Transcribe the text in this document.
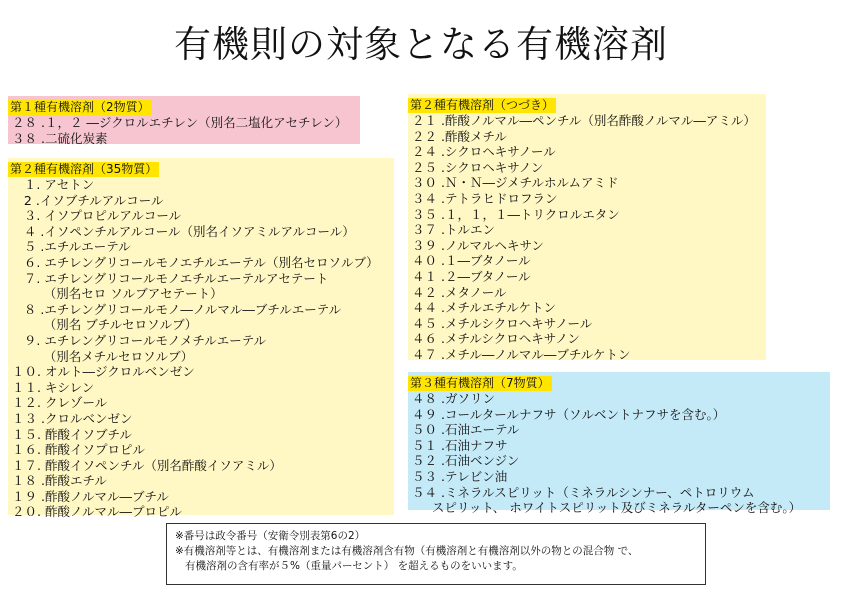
有機則の対象となる有機溶剤
第１種有機溶剤（2物質）
２８ .１，２ ―ジクロルエチレン（別名二塩化アセチレン）
３８ .二硫化炭素
第２種有機溶剤（35物質）
１. アセトン
2 .イソブチルアルコール
３. イソプロピルアルコール
４ .イソペンチルアルコール（別名イソアミルアルコール）
５ .エチルエーテル
６. エチレングリコールモノエチルエーテル（別名セロソルブ）
７. エチレングリコールモノエチルエーテルアセテート
（別名セロ ソルブアセテート）
８ .エチレングリコールモノ―ノルマル―ブチルエーテル
（別名 ブチルセロソルブ）
９. エチレングリコールモノメチルエーテル
（別名メチルセロソルブ）
１０. オルト―ジクロルベンゼン
１１. キシレン
１２. クレゾール
１３ .クロルベンゼン
１５. 酢酸イソブチル
１６. 酢酸イソプロピル
１７. 酢酸イソペンチル（別名酢酸イソアミル）
１８ .酢酸エチル
１９ .酢酸ノルマル―ブチル
２０. 酢酸ノルマル―プロピル
第２種有機溶剤（つづき）
２１ .酢酸ノルマル―ペンチル（別名酢酸ノルマル―アミル）
２２ .酢酸メチル
２４ .シクロヘキサノール
２５ .シクロヘキサノン
３０ .Ｎ・Ｎ―ジメチルホルムアミド
３４ .テトラヒドロフラン
３５ .１，１，１―トリクロルエタン
３７ .トルエン
３９ .ノルマルヘキサン
４０ .１―ブタノール
４１ .２―ブタノール
４２ .メタノール
４４ .メチルエチルケトン
４５ .メチルシクロヘキサノール
４６ .メチルシクロヘキサノン
４７ .メチル―ノルマル―ブチルケトン
第３種有機溶剤（7物質）
４８ .ガソリン
４９ .コールタールナフサ（ソルベントナフサを含む。）
５０ .石油エーテル
５１ .石油ナフサ
５２ .石油ベンジン
５３ .テレビン油
５４ .ミネラルスピリット（ミネラルシンナー、ペトロリウム
スピリット、 ホワイトスピリット及びミネラルターペンを含む。）

※番号は政令番号（安衛令別表第6の2）

※有機溶剤等とは、有機溶剤または有機溶剤含有物（有機溶剤と有機溶剤以外の物との混合物 で、

有機溶剤の含有率が５%（重量パーセント） を超えるものをいいます。
